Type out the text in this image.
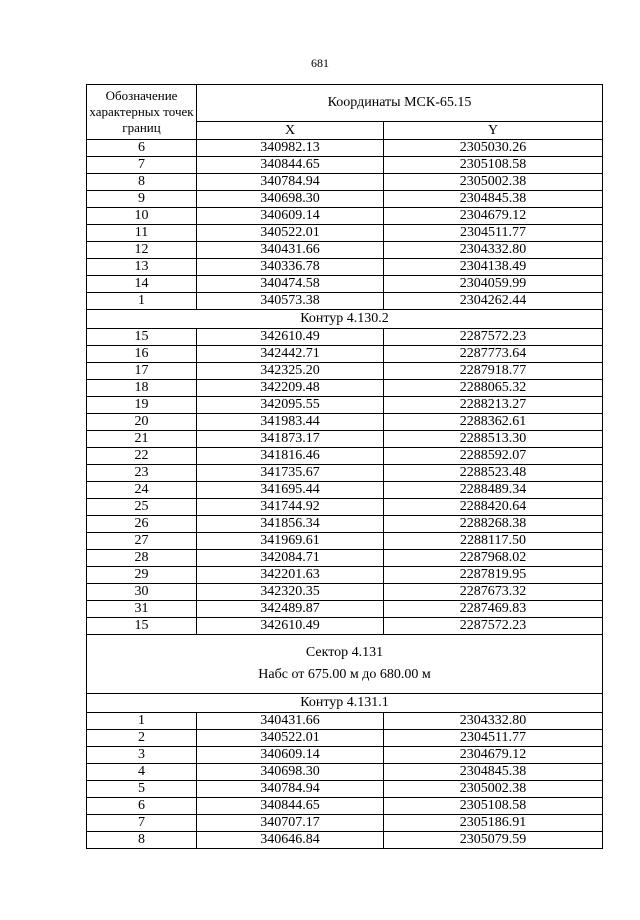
681
Обозначение характерных точек границ	Координаты МСК-65.15	
	X	Y
6	340982.13	2305030.26
7	340844.65	2305108.58
8	340784.94	2305002.38
9	340698.30	2304845.38
10	340609.14	2304679.12
11	340522.01	2304511.77
12	340431.66	2304332.80
13	340336.78	2304138.49
14	340474.58	2304059.99
1	340573.38	2304262.44
Контур 4.130.2		
15	342610.49	2287572.23
16	342442.71	2287773.64
17	342325.20	2287918.77
18	342209.48	2288065.32
19	342095.55	2288213.27
20	341983.44	2288362.61
21	341873.17	2288513.30
22	341816.46	2288592.07
23	341735.67	2288523.48
24	341695.44	2288489.34
25	341744.92	2288420.64
26	341856.34	2288268.38
27	341969.61	2288117.50
28	342084.71	2287968.02
29	342201.63	2287819.95
30	342320.35	2287673.32
31	342489.87	2287469.83
15	342610.49	2287572.23

Сектор 4.131
Набс от 675.00 м до 680.00 м		

Контур 4.131.1		
1	340431.66	2304332.80
2	340522.01	2304511.77
3	340609.14	2304679.12
4	340698.30	2304845.38
5	340784.94	2305002.38
6	340844.65	2305108.58
7	340707.17	2305186.91
8	340646.84	2305079.59
